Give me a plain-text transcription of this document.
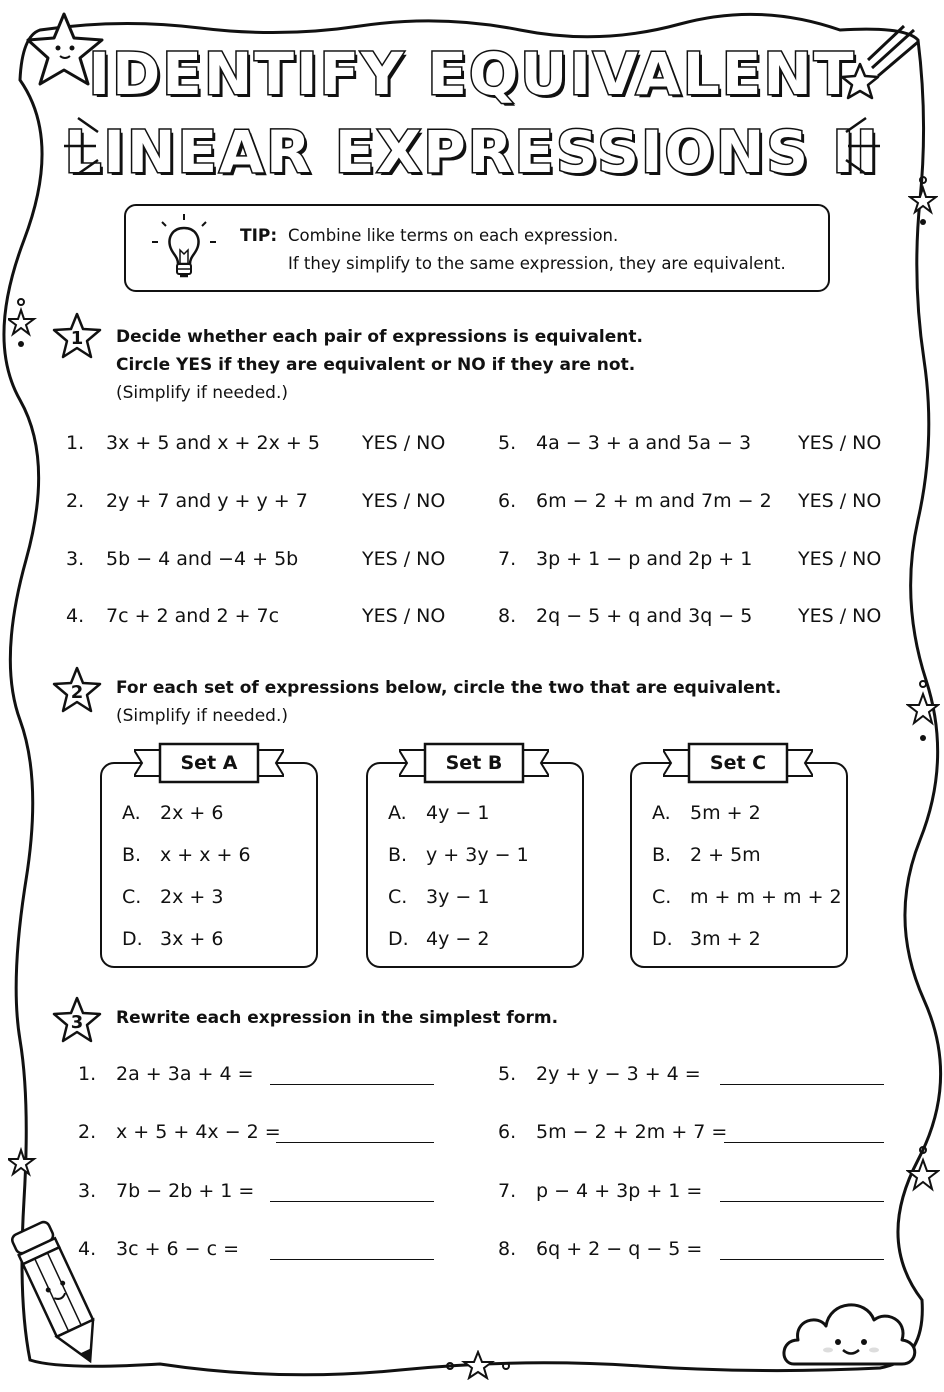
IDENTIFY EQUIVALENT
LINEAR EXPRESSIONS II
TIP: Combine like terms on each expression.
If they simplify to the same expression, they are equivalent.
1	Decide whether each pair of expressions is equivalent.
Circle YES if they are equivalent or NO if they are not.
(Simplify if needed.)
1. 3x + 5 and x + 2x + 5 YES / NO
2. 2y + 7 and y + y + 7	YES / NO
3. 5b − 4 and −4 + 5b	YES / NO
4. 7c + 2 and 2 + 7c	YES / NO
5. 4a − 3 + a and 5a − 3 YES / NO
6. 6m − 2 + m and 7m − 2 YES / NO
7. 3p + 1 − p and 2p + 1 YES / NO
8. 2q − 5 + q and 3q − 5 YES / NO
2	For each set of expressions below, circle the two that are equivalent.
(Simplify if needed.)
Set A
A. 2x + 6
B. x + x + 6
C. 2x + 3
D. 3x + 6
Set B
A. 4y − 1
B. y + 3y − 1
C. 3y − 1
D. 4y − 2
Set C
A. 5m + 2
B. 2 + 5m
C. m + m + m + 2
D. 3m + 2
3	Rewrite each expression in the simplest form.
1. 2a + 3a + 4 =
2. x + 5 + 4x − 2 =
3. 7b − 2b + 1 =
4. 3c + 6 − c =
5. 2y + y − 3 + 4 =
6. 5m − 2 + 2m + 7 =
7. p − 4 + 3p + 1 =
8. 6q + 2 − q − 5 =
